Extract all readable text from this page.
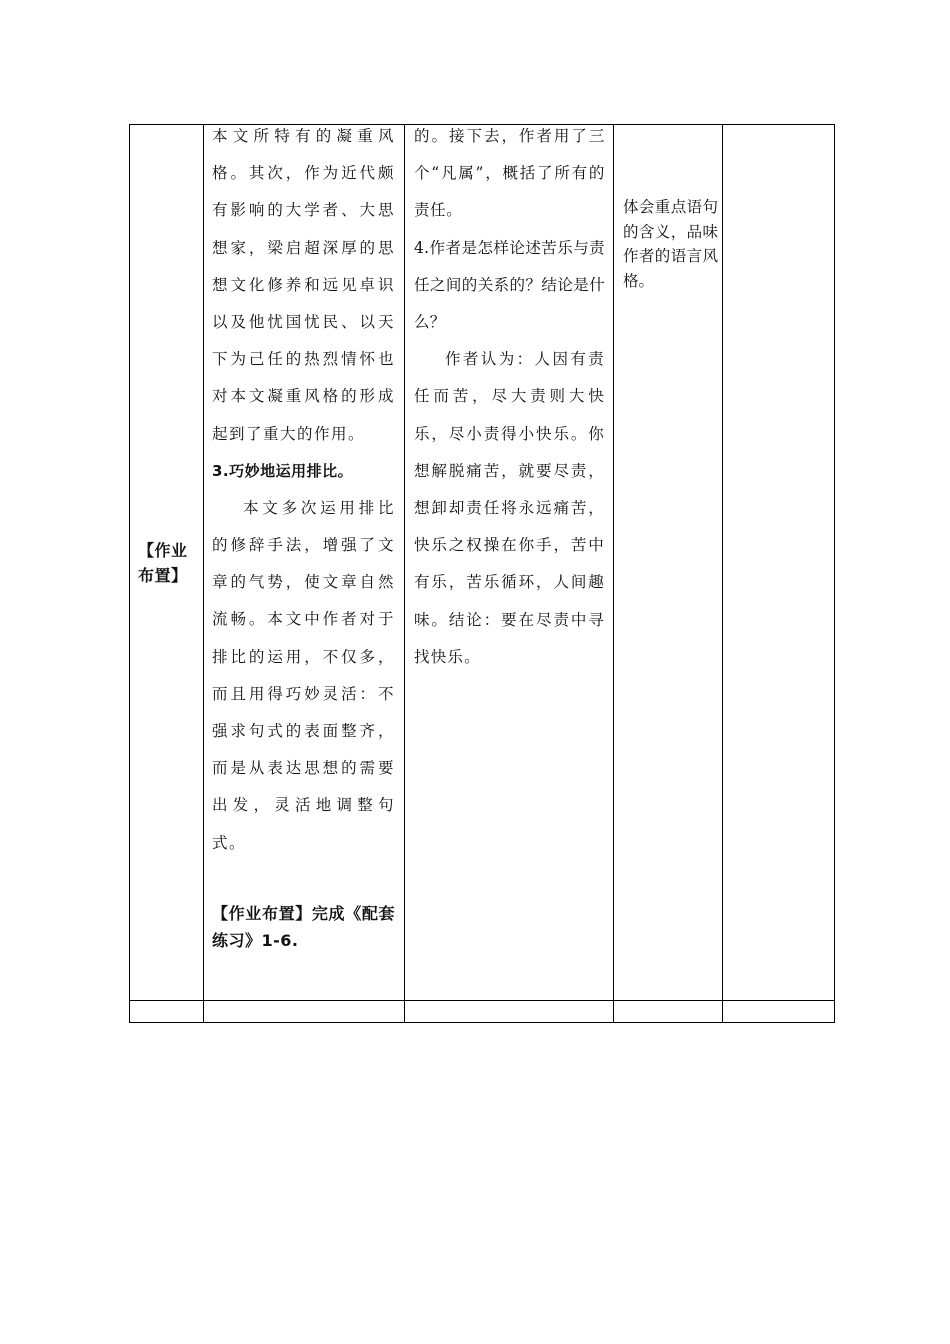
【作业布置】

本文所特有的凝重风格。其次，作为近代颇有影响的大学者、大思想家，梁启超深厚的思想文化修养和远见卓识以及他忧国忧民、以天下为己任的热烈情怀也对本文凝重风格的形成起到了重大的作用。

3.巧妙地运用排比。

本文多次运用排比的修辞手法，增强了文章的气势，使文章自然流畅。本文中作者对于排比的运用，不仅多，而且用得巧妙灵活：不强求句式的表面整齐，而是从表达思想的需要出发，灵活地调整句式。

【作业布置】完成《配套练习》1-6.

的。接下去，作者用了三个“凡属”，概括了所有的责任。

4.作者是怎样论述苦乐与责任之间的关系的？结论是什么？

作者认为：人因有责任而苦，尽大责则大快乐，尽小责得小快乐。你想解脱痛苦，就要尽责，想卸却责任将永远痛苦，快乐之权操在你手，苦中有乐，苦乐循环，人间趣味。结论：要在尽责中寻找快乐。

体会重点语句的含义，品味作者的语言风格。
